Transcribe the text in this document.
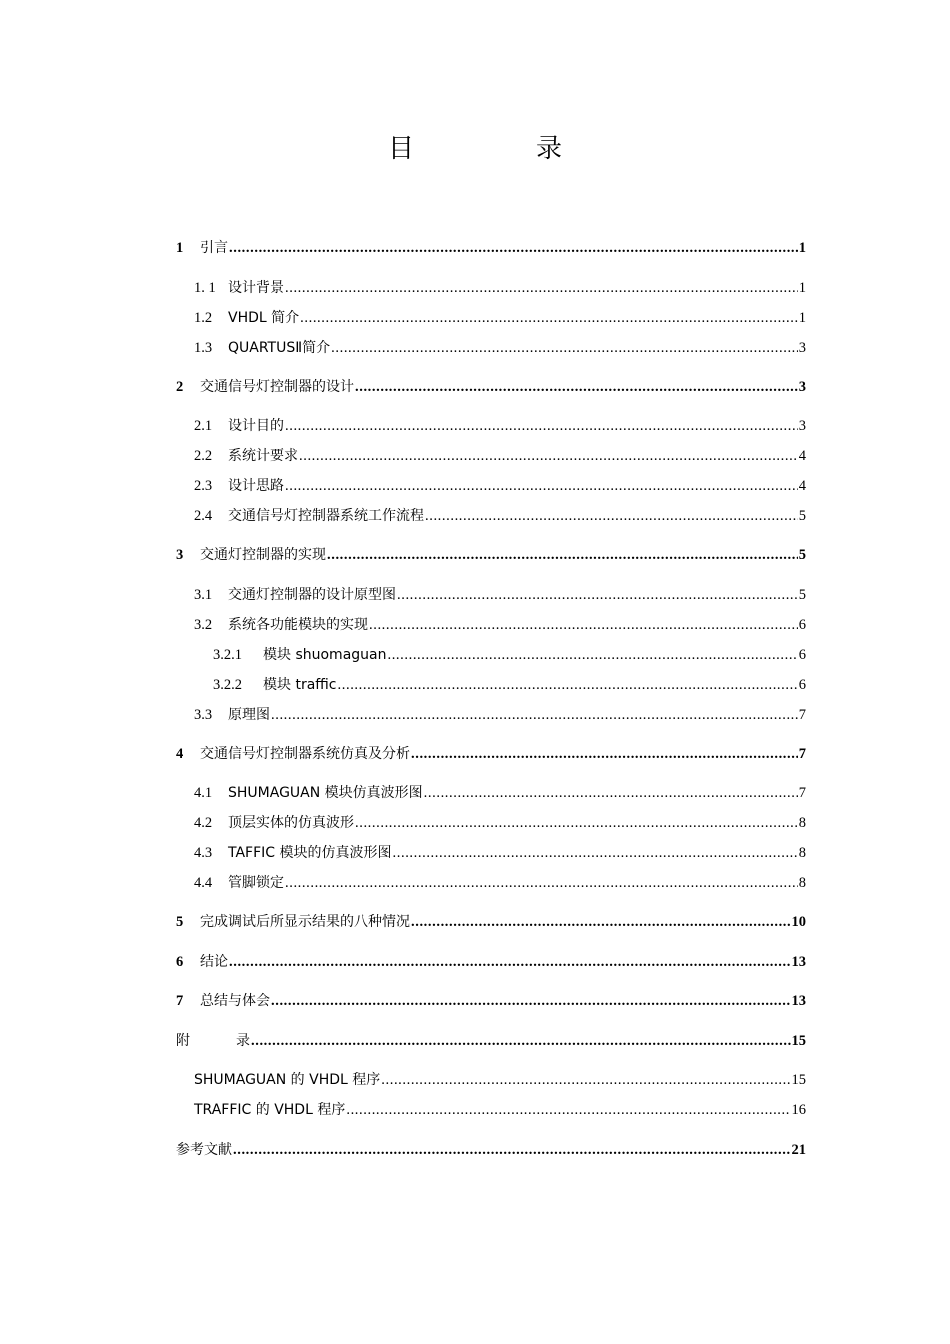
目　录
1	引言 .....	1
1. 1 设计背景 .....	1
1.2	VHDL 简介 .....	1
1.3	QUARTUSⅡ简介 .....	3
2	交通信号灯控制器的设计 .....	3
2.1	设计目的 .....	3
2.2	系统计要求 .....	4
2.3	设计思路 .....	4
2.4	交通信号灯控制器系统工作流程 .....	5
3	交通灯控制器的实现 .....	5
3.1	交通灯控制器的设计原型图 .....	5
3.2	系统各功能模块的实现 .....	6
3.2.1	模块 shuomaguan .....	6
3.2.2	模块 traffic .....	6
3.3	原理图 .....	7
4	交通信号灯控制器系统仿真及分析 .....	7
4.1	SHUMAGUAN 模块仿真波形图 .....	7
4.2	顶层实体的仿真波形 .....	8
4.3	TAFFIC 模块的仿真波形图 .....	8
4.4	管脚锁定 .....	8
5	完成调试后所显示结果的八种情况 .....	10
6	结论 .....	13
7	总结与体会 .....	13
附	录 .....	15
SHUMAGUAN 的 VHDL 程序 .....	15
TRAFFIC 的 VHDL 程序 .....	16
参考文献 .....	21
